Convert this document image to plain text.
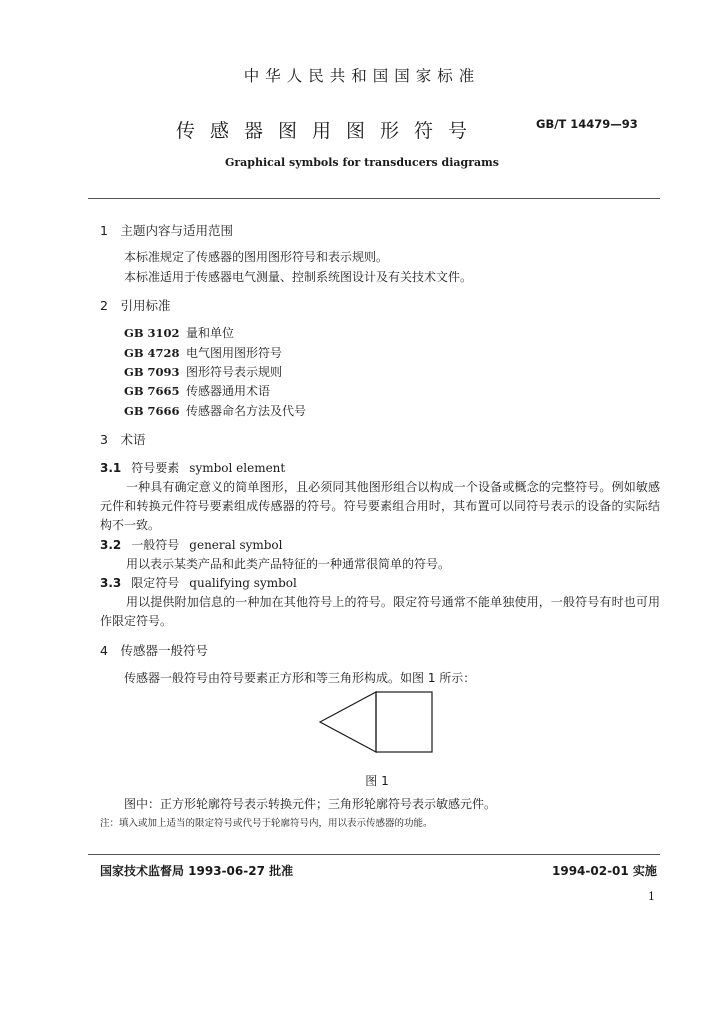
中华人民共和国国家标准
传感器图用图形符号	GB/T 14479—93
Graphical symbols for transducers diagrams
1　主题内容与适用范围
本标准规定了传感器的图用图形符号和表示规则。
本标准适用于传感器电气测量、控制系统图设计及有关技术文件。
2　引用标准
GB 3102 量和单位
GB 4728 电气图用图形符号
GB 7093 图形符号表示规则
GB 7665 传感器通用术语
GB 7666 传感器命名方法及代号
3　术语
3.1 符号要素 symbol element
一种具有确定意义的简单图形，且必须同其他图形组合以构成一个设备或概念的完整符号。例如敏感元件和转换元件符号要素组成传感器的符号。符号要素组合用时，其布置可以同符号表示的设备的实际结构不一致。
3.2 一般符号 general symbol
用以表示某类产品和此类产品特征的一种通常很简单的符号。
3.3 限定符号 qualifying symbol
用以提供附加信息的一种加在其他符号上的符号。限定符号通常不能单独使用，一般符号有时也可用作限定符号。
4　传感器一般符号
传感器一般符号由符号要素正方形和等三角形构成。如图 1 所示：
图 1
图中：正方形轮廓符号表示转换元件；三角形轮廓符号表示敏感元件。
注：填入或加上适当的限定符号或代号于轮廓符号内，用以表示传感器的功能。
国家技术监督局 1993-06-27 批准	1994-02-01 实施
1
